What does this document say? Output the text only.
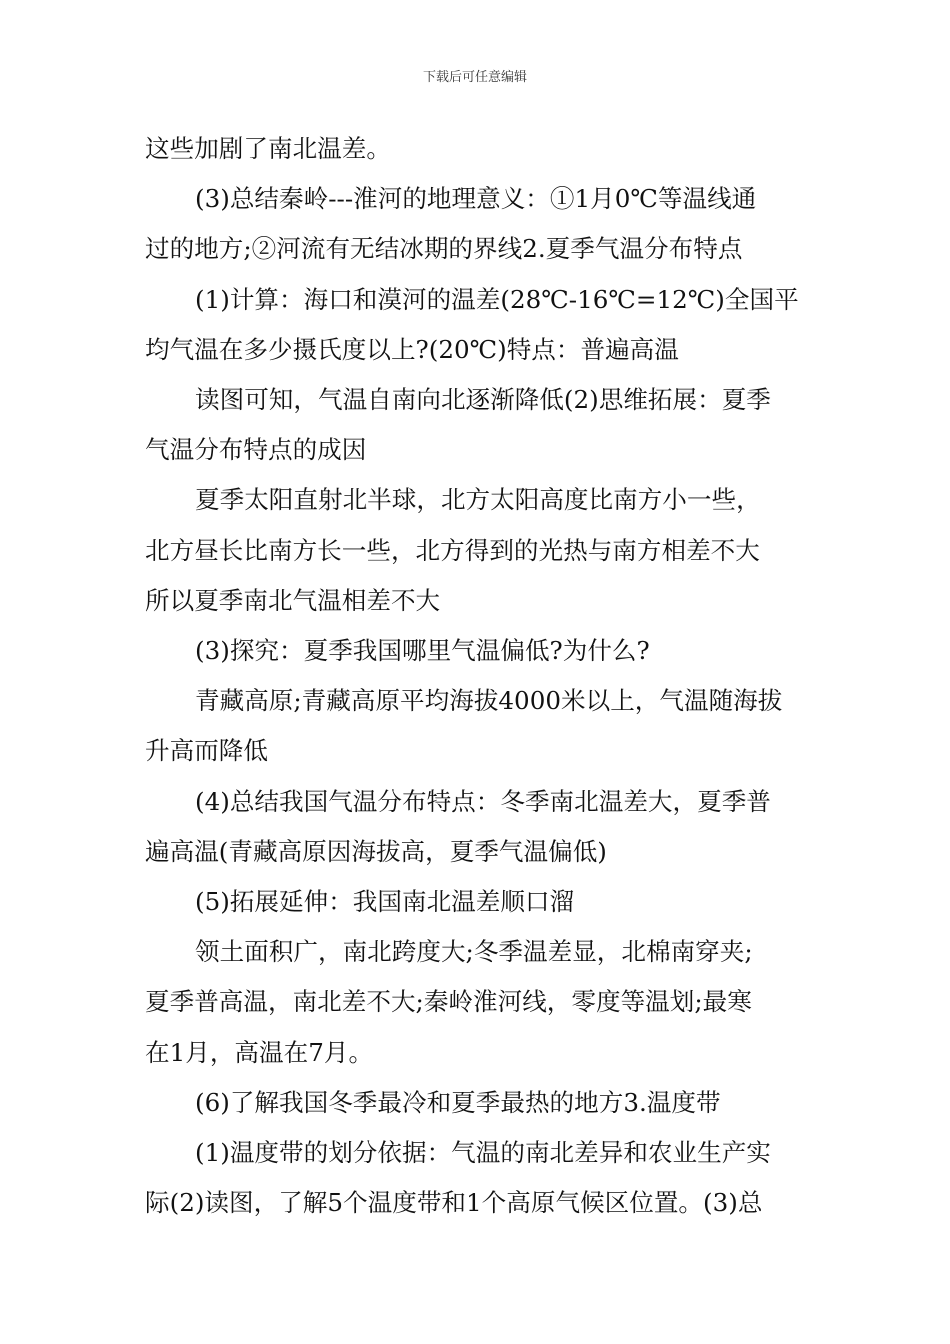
下载后可任意编辑
这些加剧了南北温差。
(3)总结秦岭---淮河的地理意义：①1月0℃等温线通
过的地方;②河流有无结冰期的界线2.夏季气温分布特点
(1)计算：海口和漠河的温差(28℃-16℃=12℃)全国平
均气温在多少摄氏度以上?(20℃)特点：普遍高温
读图可知，气温自南向北逐渐降低(2)思维拓展：夏季
气温分布特点的成因
夏季太阳直射北半球，北方太阳高度比南方小一些，
北方昼长比南方长一些，北方得到的光热与南方相差不大
所以夏季南北气温相差不大
(3)探究：夏季我国哪里气温偏低?为什么?
青藏高原;青藏高原平均海拔4000米以上，气温随海拔
升高而降低
(4)总结我国气温分布特点：冬季南北温差大，夏季普
遍高温(青藏高原因海拔高，夏季气温偏低)
(5)拓展延伸：我国南北温差顺口溜
领土面积广，南北跨度大;冬季温差显，北棉南穿夹;
夏季普高温，南北差不大;秦岭淮河线，零度等温划;最寒
在1月，高温在7月。
(6)了解我国冬季最冷和夏季最热的地方3.温度带
(1)温度带的划分依据：气温的南北差异和农业生产实
际(2)读图，了解5个温度带和1个高原气候区位置。(3)总
